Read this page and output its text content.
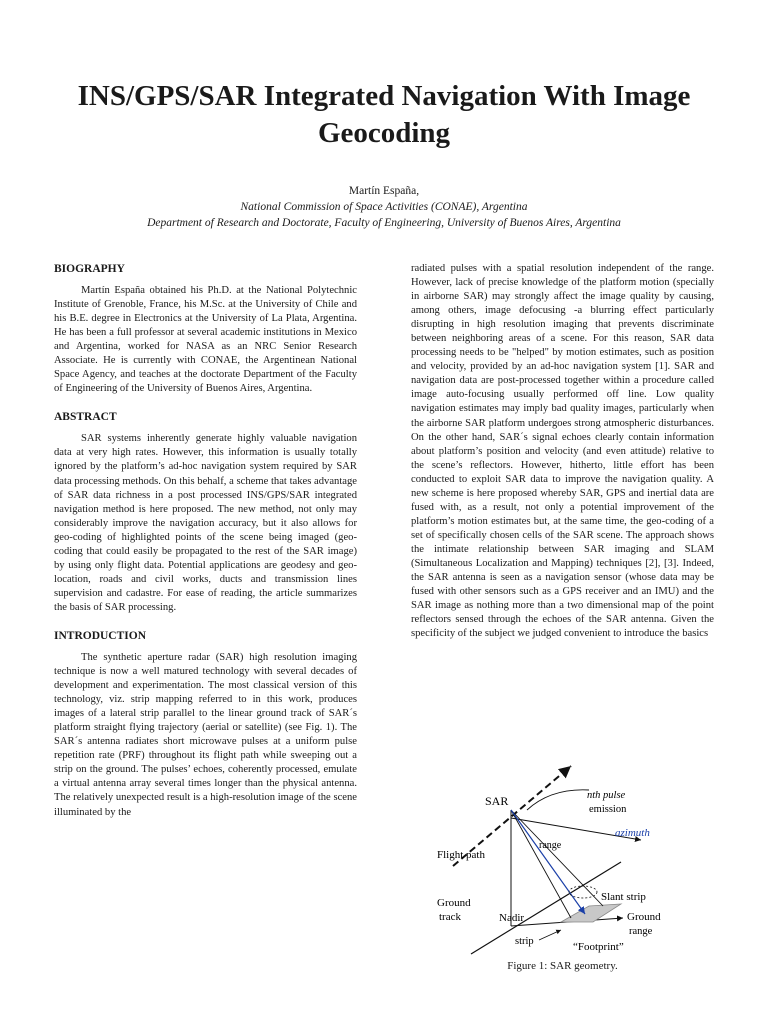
INS/GPS/SAR Integrated Navigation With Image
Geocoding
Martín España,
National Commission of Space Activities (CONAE), Argentina
Department of Research and Doctorate, Faculty of Engineering, University of Buenos Aires, Argentina
BIOGRAPHY

Martín España obtained his Ph.D. at the National Polytechnic Institute of Grenoble, France, his M.Sc. at the University of Chile and his B.E. degree in Electronics at the University of La Plata, Argentina. He has been a full professor at several academic institutions in Mexico and Argentina, worked for NASA as an NRC Senior Research Associate. He is currently with CONAE, the Argentinean National Space Agency, and teaches at the doctorate Department of the Faculty of Engineering of the University of Buenos Aires, Argentina.

ABSTRACT

SAR systems inherently generate highly valuable navigation data at very high rates. However, this information is usually totally ignored by the platform’s ad-hoc navigation system required by SAR data processing methods. On this behalf, a scheme that takes advantage of SAR data richness in a post processed INS/GPS/SAR integrated navigation method is here proposed. The new method, not only may considerably improve the navigation accuracy, but it also allows for geo-coding of highlighted points of the scene being imaged (geo-coding that could easily be propagated to the rest of the SAR image) by using only flight data. Potential applications are geodesy and geo-location, roads and civil works, ducts and transmission lines supervision and cadastre. For ease of reading, the article summarizes the basis of SAR processing.

INTRODUCTION

The synthetic aperture radar (SAR) high resolution imaging technique is now a well matured technology with several decades of development and experimentation. The most classical version of this technology, viz. strip mapping referred to in this work, produces images of a lateral strip parallel to the linear ground track of SAR´s platform straight flying trajectory (aerial or satellite) (see Fig. 1). The SAR´s antenna radiates short microwave pulses at a uniform pulse repetition rate (PRF) throughout its flight path while sweeping out a strip on the ground. The pulses’ echoes, coherently processed, emulate a virtual antenna array several times longer than the physical antenna. The relatively unexpected result is a high-resolution image of the scene illuminated by the

radiated pulses with a spatial resolution independent of the range. However, lack of precise knowledge of the platform motion (specially in airborne SAR) may strongly affect the image quality by causing, among others, image defocusing -a blurring effect particularly disrupting in high resolution imaging that prevents discriminate between neighboring areas of a scene. For this reason, SAR data processing needs to be "helped" by motion estimates, such as position and velocity, provided by an ad-hoc navigation system [1]. SAR and navigation data are post-processed together within a procedure called image auto-focusing usually performed off line. Low quality navigation estimates may imply bad quality images, particularly when the airborne SAR platform undergoes strong atmospheric disturbances. On the other hand, SAR´s signal echoes clearly contain information about platform’s position and velocity (and even attitude) relative to the scene’s reflectors. However, hitherto, little effort has been conducted to exploit SAR data to improve the navigation quality. A new scheme is here proposed whereby SAR, GPS and inertial data are fused with, as a result, not only a potential improvement of the platform’s motion estimates but, at the same time, the geo-coding of a set of specifically chosen cells of the SAR scene. The approach shows the intimate relationship between SAR imaging and SLAM (Simultaneous Localization and Mapping) techniques [2], [3]. Indeed, the SAR antenna is seen as a navigation sensor (whose data may be fused with other sensors such as a GPS receiver and an IMU) and the SAR image as nothing more than a two dimensional map of the point reflectors sensed through the echoes of the SAR antenna. Given the specificity of the subject we judged convenient to introduce the basics

SAR	nth pulse
emission
azimuth
range
Flight path
Slant strip
Ground
track	Nadir	Ground
range
strip	“Footprint”
Figure 1: SAR geometry.
